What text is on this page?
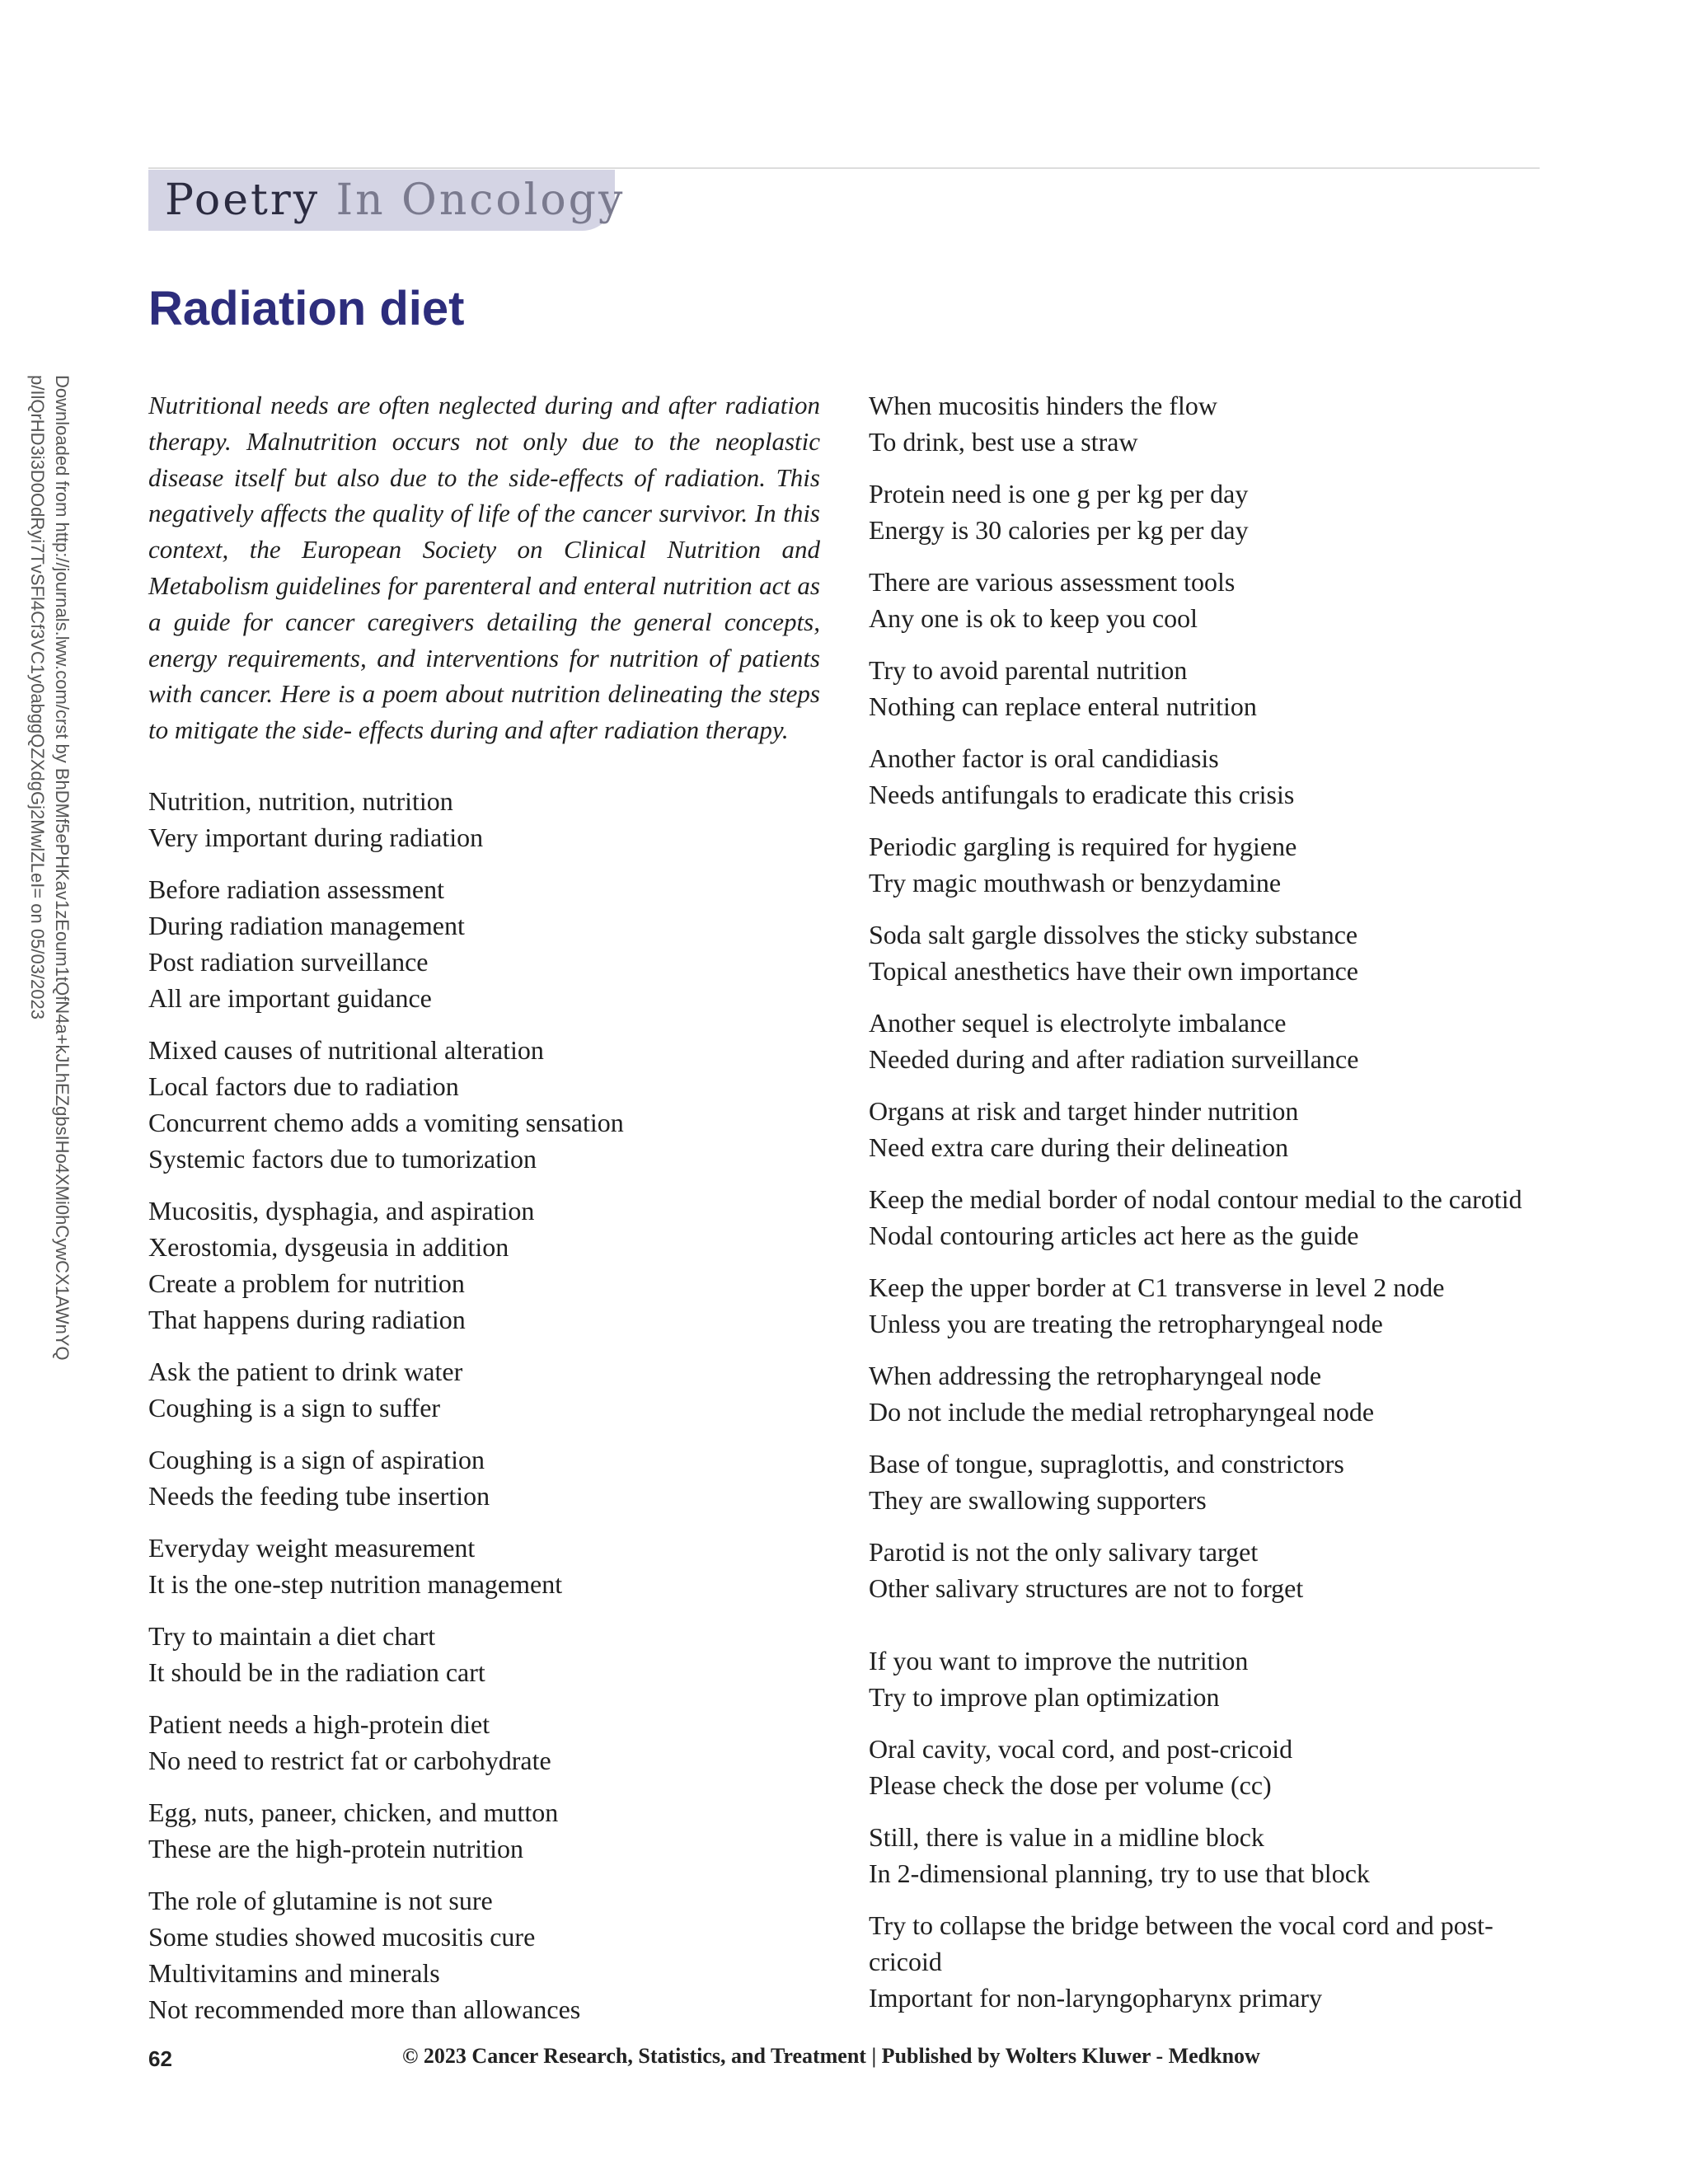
Poetry In Oncology
Radiation diet
Downloaded from http://journals.lww.com/crst by BhDMf5ePHKav1zEoum1tQfN4a+kJLhEZgbsIHo4XMi0hCywCX1AWnYQp/IlQrHD3i3D0OdRyi7TvSFl4Cf3VC1y0abggQZXdgGj2MwlZLeI= on 05/03/2023	Nutritional needs are often neglected during and after radiation therapy. Malnutrition occurs not only due to the neoplastic disease itself but also due to the side-effects of radiation. This negatively affects the quality of life of the cancer survivor. In this context, the European Society on Clinical Nutrition and Metabolism guidelines for parenteral and enteral nutrition act as a guide for cancer caregivers detailing the general concepts, energy requirements, and interventions for nutrition of patients with cancer. Here is a poem about nutrition delineating the steps to mitigate the side- effects during and after radiation therapy.

Nutrition, nutrition, nutrition
Very important during radiation
Before radiation assessment
During radiation management
Post radiation surveillance
All are important guidance
Mixed causes of nutritional alteration
Local factors due to radiation
Concurrent chemo adds a vomiting sensation
Systemic factors due to tumorization
Mucositis, dysphagia, and aspiration
Xerostomia, dysgeusia in addition
Create a problem for nutrition
That happens during radiation
Ask the patient to drink water
Coughing is a sign to suffer
Coughing is a sign of aspiration
Needs the feeding tube insertion
Everyday weight measurement
It is the one-step nutrition management
Try to maintain a diet chart
It should be in the radiation cart
Patient needs a high-protein diet
No need to restrict fat or carbohydrate
Egg, nuts, paneer, chicken, and mutton
These are the high-protein nutrition
The role of glutamine is not sure
Some studies showed mucositis cure
Multivitamins and minerals
Not recommended more than allowances
When mucositis hinders the flow
To drink, best use a straw
Protein need is one g per kg per day
Energy is 30 calories per kg per day
There are various assessment tools
Any one is ok to keep you cool
Try to avoid parental nutrition
Nothing can replace enteral nutrition
Another factor is oral candidiasis
Needs antifungals to eradicate this crisis
Periodic gargling is required for hygiene
Try magic mouthwash or benzydamine
Soda salt gargle dissolves the sticky substance
Topical anesthetics have their own importance
Another sequel is electrolyte imbalance
Needed during and after radiation surveillance
Organs at risk and target hinder nutrition
Need extra care during their delineation
Keep the medial border of nodal contour medial to the carotid
Nodal contouring articles act here as the guide
Keep the upper border at C1 transverse in level 2 node
Unless you are treating the retropharyngeal node
When addressing the retropharyngeal node
Do not include the medial retropharyngeal node
Base of tongue, supraglottis, and constrictors
They are swallowing supporters
Parotid is not the only salivary target
Other salivary structures are not to forget
If you want to improve the nutrition
Try to improve plan optimization
Oral cavity, vocal cord, and post-cricoid
Please check the dose per volume (cc)
Still, there is value in a midline block
In 2-dimensional planning, try to use that block
Try to collapse the bridge between the vocal cord and post-cricoid
Important for non-laryngopharynx primary
62	© 2023 Cancer Research, Statistics, and Treatment | Published by Wolters Kluwer - Medknow
